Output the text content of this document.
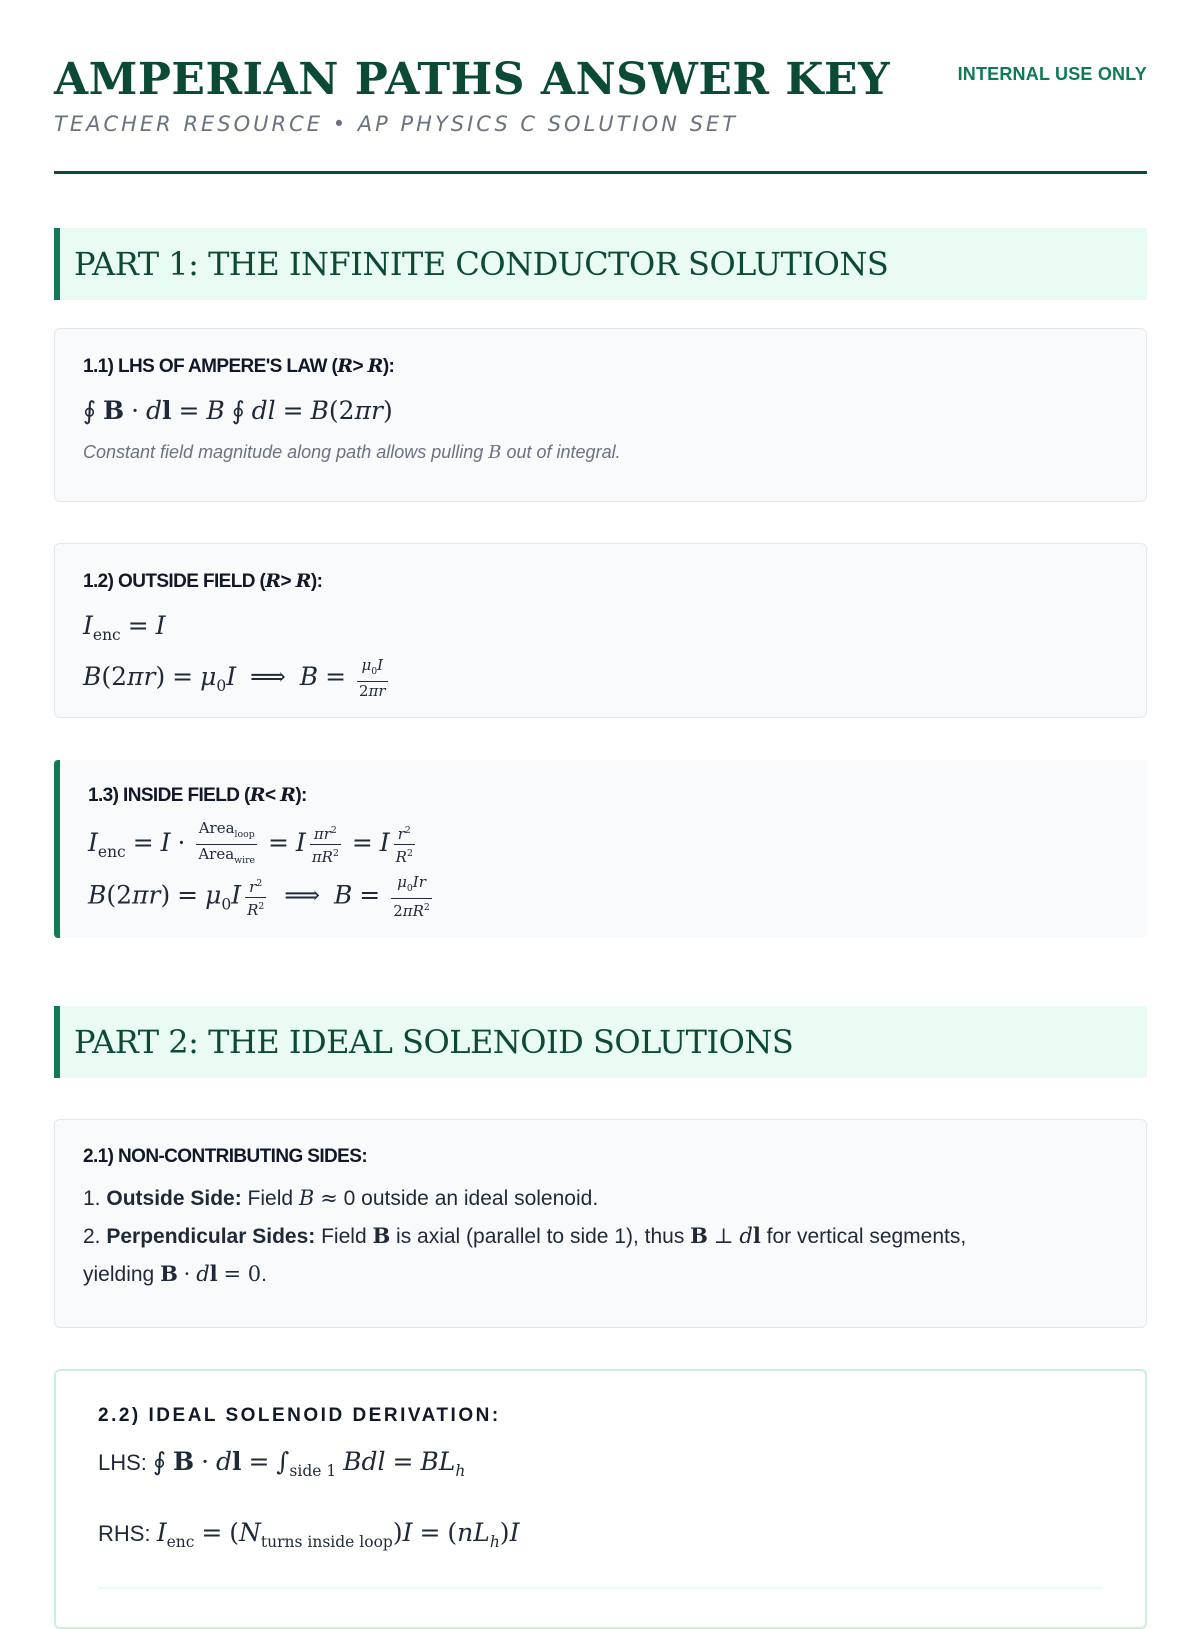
AMPERIAN PATHS ANSWER KEY
TEACHER RESOURCE • AP PHYSICS C SOLUTION SET
INTERNAL USE ONLY
PART 1: THE INFINITE CONDUCTOR SOLUTIONS
1.1) LHS OF AMPERE'S LAW (R> R):
∮ B · dl = B ∮ dl = B(2πr)
Constant field magnitude along path allows pulling B out of integral.
1.2) OUTSIDE FIELD (R> R):
$I_{enc} = I$
$B(2\pi r) = \mu_0I$ ⟹ $B = \frac{\mu_0I}{2\pi r}$
1.3) INSIDE FIELD (R< R):
$I_{enc} = I \cdot \frac{Area_{loop}}{Area_{wire}} = I \frac{\pi r^2}{\pi R^2} = I \frac{r^2}{R^2}$
$B(2\pi r) = \mu_0I \frac{r^2}{R^2}$ ⟹ $B = \frac{\mu_0Ir}{2\pi R^2}$
PART 2: THE IDEAL SOLENOID SOLUTIONS
2.1) NON-CONTRIBUTING SIDES:
1. Outside Side: Field B ≈ 0 outside an ideal solenoid.
2. Perpendicular Sides: Field B is axial (parallel to side 1), thus B ⊥ dl for vertical segments,
yielding B · dl = 0.
2.2) IDEAL SOLENOID DERIVATION:
LHS: ∮ B · dl = $\int_{side 1}$ Bdl = $BL_h$
RHS: $I_{enc} = (N_{turns inside loop})I = (nL_h)I$
